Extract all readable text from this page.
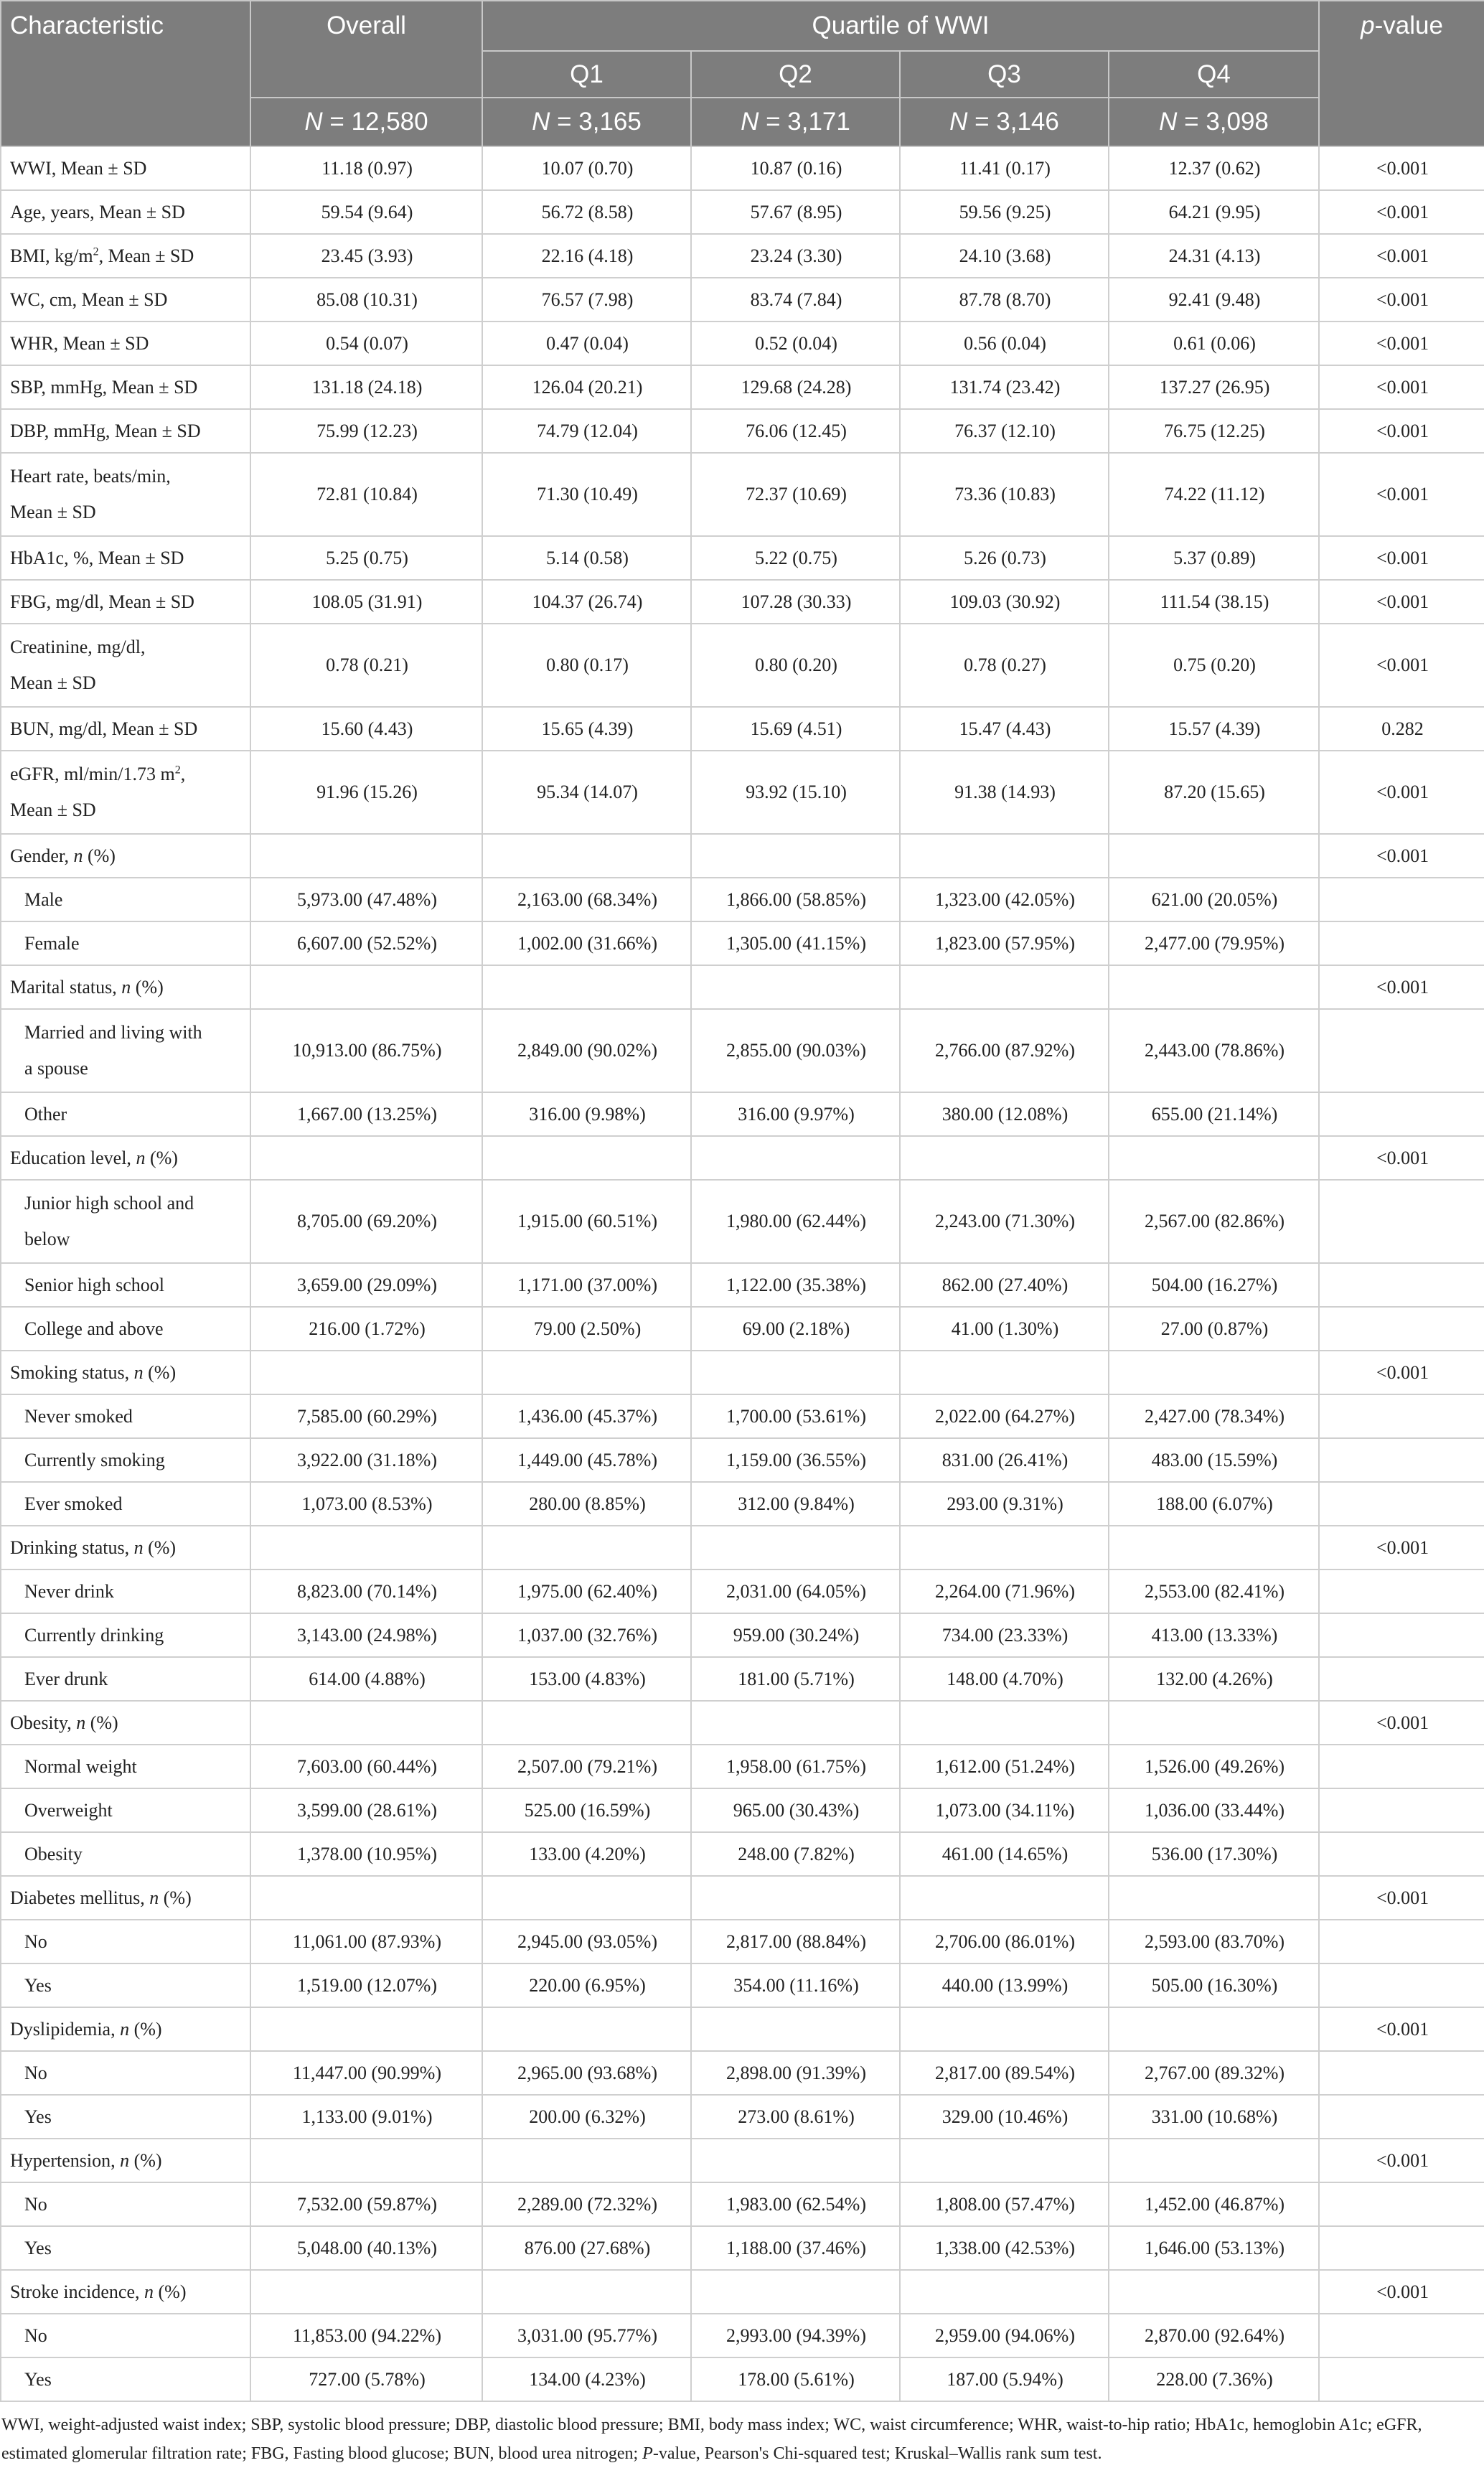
Characteristic	Overall	Quartile of WWI				p-value
		Q1	Q2	Q3	Q4	
	N = 12,580	N = 3,165	N = 3,171	N = 3,146	N = 3,098	
WWI, Mean ± SD	11.18 (0.97)	10.07 (0.70)	10.87 (0.16)	11.41 (0.17)	12.37 (0.62)	<0.001
Age, years, Mean ± SD	59.54 (9.64)	56.72 (8.58)	57.67 (8.95)	59.56 (9.25)	64.21 (9.95)	<0.001
BMI, $kg/m^2$, Mean ± SD	23.45 (3.93)	22.16 (4.18)	23.24 (3.30)	24.10 (3.68)	24.31 (4.13)	<0.001
WC, cm, Mean ± SD	85.08 (10.31)	76.57 (7.98)	83.74 (7.84)	87.78 (8.70)	92.41 (9.48)	<0.001
WHR, Mean ± SD	0.54 (0.07)	0.47 (0.04)	0.52 (0.04)	0.56 (0.04)	0.61 (0.06)	<0.001
SBP, mmHg, Mean ± SD	131.18 (24.18)	126.04 (20.21)	129.68 (24.28)	131.74 (23.42)	137.27 (26.95)	<0.001
DBP, mmHg, Mean ± SD	75.99 (12.23)	74.79 (12.04)	76.06 (12.45)	76.37 (12.10)	76.75 (12.25)	<0.001
Heart rate, beats/min,
Mean ± SD	72.81 (10.84)	71.30 (10.49)	72.37 (10.69)	73.36 (10.83)	74.22 (11.12)	<0.001
HbA1c, %, Mean ± SD	5.25 (0.75)	5.14 (0.58)	5.22 (0.75)	5.26 (0.73)	5.37 (0.89)	<0.001
FBG, mg/dl, Mean ± SD	108.05 (31.91)	104.37 (26.74)	107.28 (30.33)	109.03 (30.92)	111.54 (38.15)	<0.001
Creatinine, mg/dl,
Mean ± SD	0.78 (0.21)	0.80 (0.17)	0.80 (0.20)	0.78 (0.27)	0.75 (0.20)	<0.001
BUN, mg/dl, Mean ± SD	15.60 (4.43)	15.65 (4.39)	15.69 (4.51)	15.47 (4.43)	15.57 (4.39)	0.282
eGFR, ml/min/1.73 $m^2$,
Mean ± SD	91.96 (15.26)	95.34 (14.07)	93.92 (15.10)	91.38 (14.93)	87.20 (15.65)	<0.001
Gender, n (%)						<0.001
Male	5,973.00 (47.48%)	2,163.00 (68.34%)	1,866.00 (58.85%)	1,323.00 (42.05%)	621.00 (20.05%)	
Female	6,607.00 (52.52%)	1,002.00 (31.66%)	1,305.00 (41.15%)	1,823.00 (57.95%)	2,477.00 (79.95%)	
Marital status, n (%)						<0.001
Married and living with
a spouse	10,913.00 (86.75%)	2,849.00 (90.02%)	2,855.00 (90.03%)	2,766.00 (87.92%)	2,443.00 (78.86%)	
Other	1,667.00 (13.25%)	316.00 (9.98%)	316.00 (9.97%)	380.00 (12.08%)	655.00 (21.14%)	
Education level, n (%)						<0.001
Junior high school and
below	8,705.00 (69.20%)	1,915.00 (60.51%)	1,980.00 (62.44%)	2,243.00 (71.30%)	2,567.00 (82.86%)	
Senior high school	3,659.00 (29.09%)	1,171.00 (37.00%)	1,122.00 (35.38%)	862.00 (27.40%)	504.00 (16.27%)	
College and above	216.00 (1.72%)	79.00 (2.50%)	69.00 (2.18%)	41.00 (1.30%)	27.00 (0.87%)	
Smoking status, n (%)						<0.001
Never smoked	7,585.00 (60.29%)	1,436.00 (45.37%)	1,700.00 (53.61%)	2,022.00 (64.27%)	2,427.00 (78.34%)	
Currently smoking	3,922.00 (31.18%)	1,449.00 (45.78%)	1,159.00 (36.55%)	831.00 (26.41%)	483.00 (15.59%)	
Ever smoked	1,073.00 (8.53%)	280.00 (8.85%)	312.00 (9.84%)	293.00 (9.31%)	188.00 (6.07%)	
Drinking status, n (%)						<0.001
Never drink	8,823.00 (70.14%)	1,975.00 (62.40%)	2,031.00 (64.05%)	2,264.00 (71.96%)	2,553.00 (82.41%)	
Currently drinking	3,143.00 (24.98%)	1,037.00 (32.76%)	959.00 (30.24%)	734.00 (23.33%)	413.00 (13.33%)	
Ever drunk	614.00 (4.88%)	153.00 (4.83%)	181.00 (5.71%)	148.00 (4.70%)	132.00 (4.26%)	
Obesity, n (%)						<0.001
Normal weight	7,603.00 (60.44%)	2,507.00 (79.21%)	1,958.00 (61.75%)	1,612.00 (51.24%)	1,526.00 (49.26%)	
Overweight	3,599.00 (28.61%)	525.00 (16.59%)	965.00 (30.43%)	1,073.00 (34.11%)	1,036.00 (33.44%)	
Obesity	1,378.00 (10.95%)	133.00 (4.20%)	248.00 (7.82%)	461.00 (14.65%)	536.00 (17.30%)	
Diabetes mellitus, n (%)						<0.001
No	11,061.00 (87.93%)	2,945.00 (93.05%)	2,817.00 (88.84%)	2,706.00 (86.01%)	2,593.00 (83.70%)	
Yes	1,519.00 (12.07%)	220.00 (6.95%)	354.00 (11.16%)	440.00 (13.99%)	505.00 (16.30%)	
Dyslipidemia, n (%)						<0.001
No	11,447.00 (90.99%)	2,965.00 (93.68%)	2,898.00 (91.39%)	2,817.00 (89.54%)	2,767.00 (89.32%)	
Yes	1,133.00 (9.01%)	200.00 (6.32%)	273.00 (8.61%)	329.00 (10.46%)	331.00 (10.68%)	
Hypertension, n (%)						<0.001
No	7,532.00 (59.87%)	2,289.00 (72.32%)	1,983.00 (62.54%)	1,808.00 (57.47%)	1,452.00 (46.87%)	
Yes	5,048.00 (40.13%)	876.00 (27.68%)	1,188.00 (37.46%)	1,338.00 (42.53%)	1,646.00 (53.13%)	
Stroke incidence, n (%)						<0.001
No	11,853.00 (94.22%)	3,031.00 (95.77%)	2,993.00 (94.39%)	2,959.00 (94.06%)	2,870.00 (92.64%)	
Yes	727.00 (5.78%)	134.00 (4.23%)	178.00 (5.61%)	187.00 (5.94%)	228.00 (7.36%)	
WWI, weight-adjusted waist index; SBP, systolic blood pressure; DBP, diastolic blood pressure; BMI, body mass index; WC, waist circumference; WHR, waist-to-hip ratio; HbA1c, hemoglobin A1c; eGFR, estimated glomerular filtration rate; FBG, Fasting blood glucose; BUN, blood urea nitrogen; P-value, Pearson's Chi-squared test; Kruskal–Wallis rank sum test.
